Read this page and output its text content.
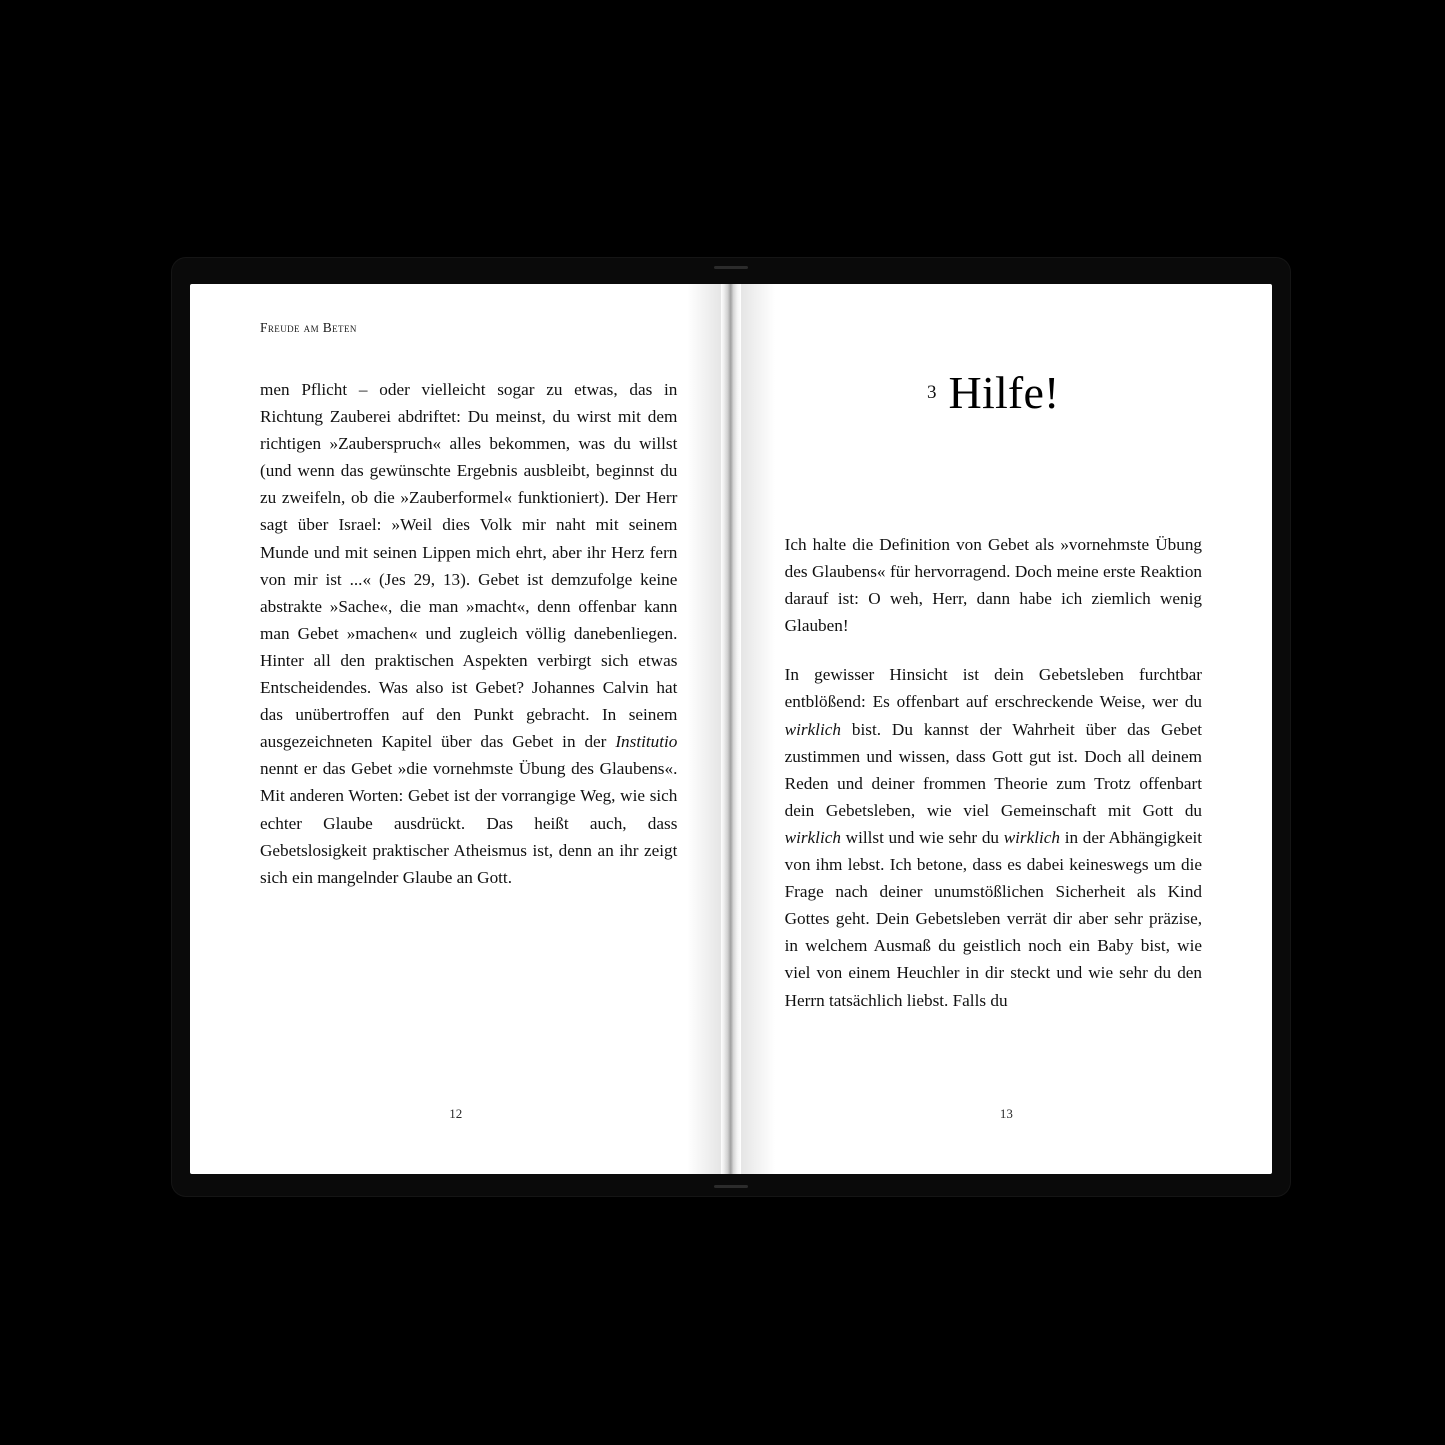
Freude am Beten

men Pflicht – oder vielleicht sogar zu etwas, das in Richtung Zauberei abdriftet: Du meinst, du wirst mit dem richtigen »Zauberspruch« alles bekommen, was du willst (und wenn das gewünschte Ergebnis ausbleibt, beginnst du zu zweifeln, ob die »Zauberformel« funktioniert). Der Herr sagt über Israel: »Weil dies Volk mir naht mit seinem Munde und mit seinen Lippen mich ehrt, aber ihr Herz fern von mir ist ...« (Jes 29, 13). Gebet ist demzufolge keine abstrakte »Sache«, die man »macht«, denn offenbar kann man Gebet »machen« und zugleich völlig danebenliegen. Hinter all den praktischen Aspekten verbirgt sich etwas Entscheidendes. Was also ist Gebet? Johannes Calvin hat das unübertroffen auf den Punkt gebracht. In seinem ausgezeichneten Kapitel über das Gebet in der Institutio nennt er das Gebet »die vornehmste Übung des Glaubens«. Mit anderen Worten: Gebet ist der vorrangige Weg, wie sich echter Glaube ausdrückt. Das heißt auch, dass Gebetslosigkeit praktischer Atheismus ist, denn an ihr zeigt sich ein mangelnder Glaube an Gott.

12
3 Hilfe!

Ich halte die Definition von Gebet als »vornehmste Übung des Glaubens« für hervorragend. Doch meine erste Reaktion darauf ist: O weh, Herr, dann habe ich ziemlich wenig Glauben!

In gewisser Hinsicht ist dein Gebetsleben furchtbar entblößend: Es offenbart auf erschreckende Weise, wer du wirklich bist. Du kannst der Wahrheit über das Gebet zustimmen und wissen, dass Gott gut ist. Doch all deinem Reden und deiner frommen Theorie zum Trotz offenbart dein Gebetsleben, wie viel Gemeinschaft mit Gott du wirklich willst und wie sehr du wirklich in der Abhängigkeit von ihm lebst. Ich betone, dass es dabei keineswegs um die Frage nach deiner unumstößlichen Sicherheit als Kind Gottes geht. Dein Gebetsleben verrät dir aber sehr präzise, in welchem Ausmaß du geistlich noch ein Baby bist, wie viel von einem Heuchler in dir steckt und wie sehr du den Herrn tatsächlich liebst. Falls du

13
